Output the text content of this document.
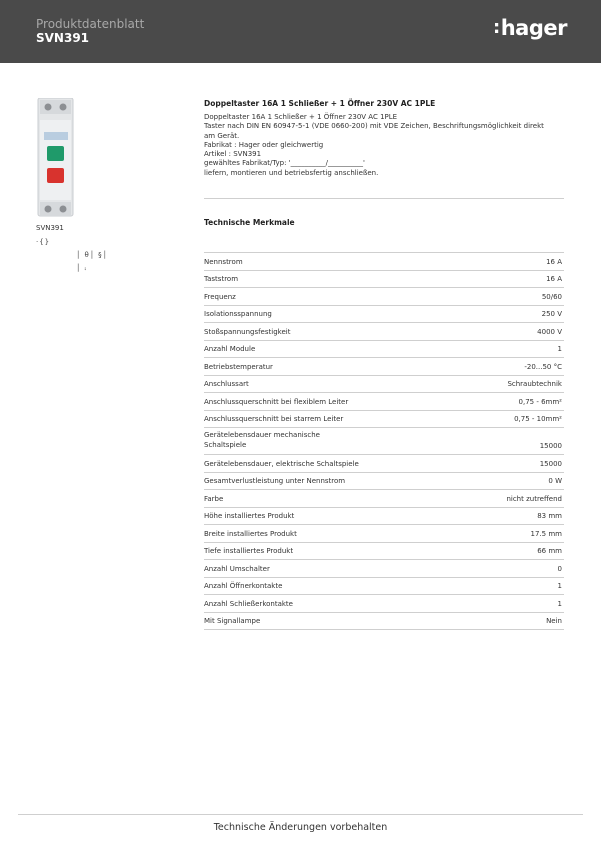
Produktdatenblatt
SVN391	:hager
SVN391
·{}
│ θ│ §│
│ ⨾
Doppeltaster 16A 1 Schließer + 1 Öffner 230V AC 1PLE
Doppeltaster 16A 1 Schließer + 1 Öffner 230V AC 1PLE
Taster nach DIN EN 60947-5-1 (VDE 0660-200) mit VDE Zeichen, Beschriftungsmöglichkeit direkt
am Gerät.
Fabrikat : Hager oder gleichwertig
Artikel : SVN391
gewähltes Fabrikat/Typ: '__________/__________'
liefern, montieren und betriebsfertig anschließen.
Technische Merkmale
Nennstrom	16 A
Taststrom	16 A
Frequenz	50/60
Isolationsspannung	250 V
Stoßspannungsfestigkeit	4000 V
Anzahl Module	1
Betriebstemperatur	-20...50 °C
Anschlussart	Schraubtechnik
Anschlussquerschnitt bei flexiblem Leiter	0,75 - 6mm²
Anschlussquerschnitt bei starrem Leiter	0,75 - 10mm²
Gerätelebensdauer mechanische
Schaltspiele	15000
Gerätelebensdauer, elektrische Schaltspiele	15000
Gesamtverlustleistung unter Nennstrom	0 W
Farbe	nicht zutreffend
Höhe installiertes Produkt	83 mm
Breite installiertes Produkt	17.5 mm
Tiefe installiertes Produkt	66 mm
Anzahl Umschalter	0
Anzahl Öffnerkontakte	1
Anzahl Schließerkontakte	1
Mit Signallampe	Nein
Technische Änderungen vorbehalten
